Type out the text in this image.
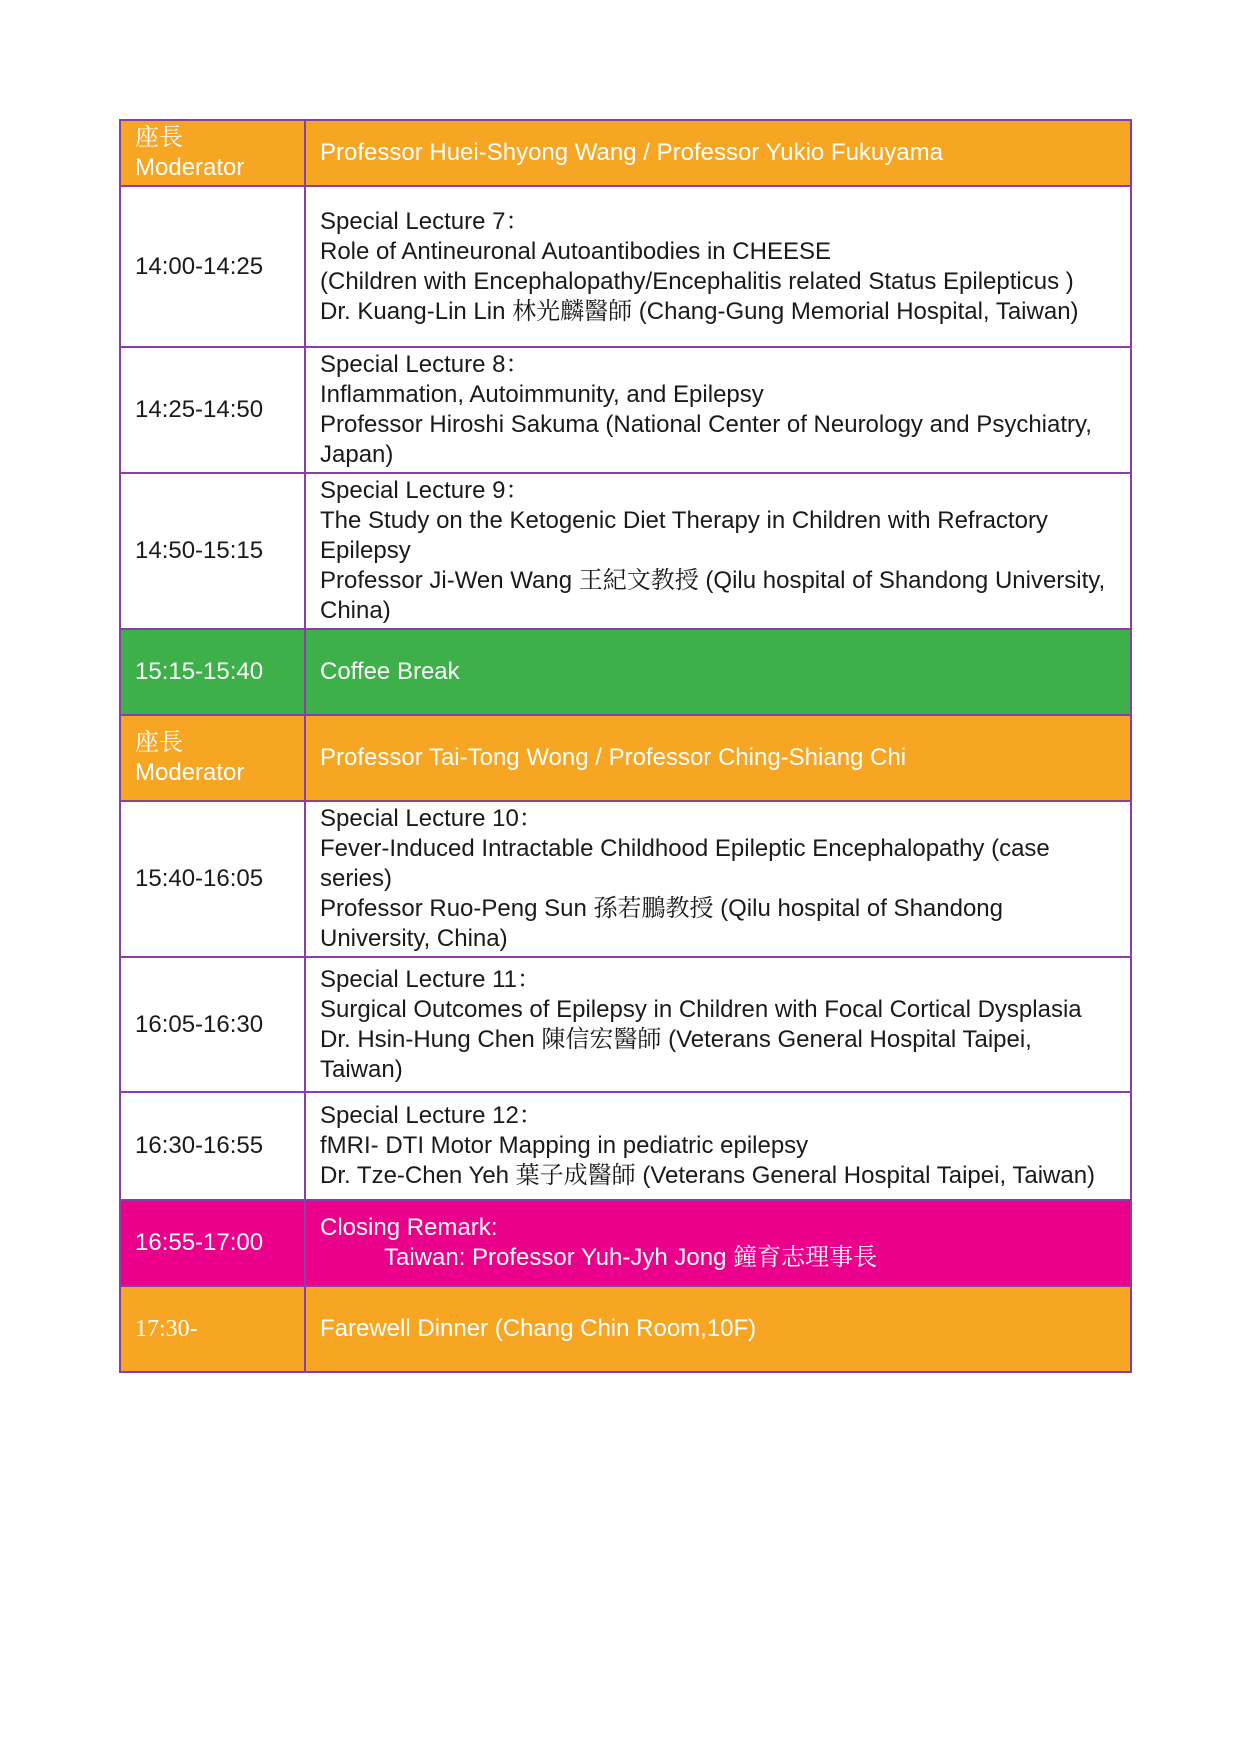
座長
Moderator	Professor Huei-Shyong Wang / Professor Yukio Fukuyama
14:00-14:25	Special Lecture 7：
Role of Antineuronal Autoantibodies in CHEESE
(Children with Encephalopathy/Encephalitis related Status Epilepticus )
Dr. Kuang-Lin Lin 林光麟醫師 (Chang-Gung Memorial Hospital, Taiwan)

14:25-14:50	Special Lecture 8：
Inflammation, Autoimmunity, and Epilepsy
Professor Hiroshi Sakuma (National Center of Neurology and Psychiatry, Japan)

14:50-15:15	Special Lecture 9：
The Study on the Ketogenic Diet Therapy in Children with Refractory Epilepsy
Professor Ji-Wen Wang 王紀文教授 (Qilu hospital of Shandong University, China)

15:15-15:40	Coffee Break

座長
Moderator	Professor Tai-Tong Wong / Professor Ching-Shiang Chi
15:40-16:05	Special Lecture 10：
Fever-Induced Intractable Childhood Epileptic Encephalopathy (case series)
Professor Ruo-Peng Sun 孫若鵬教授 (Qilu hospital of Shandong University, China)

16:05-16:30	Special Lecture 11：
Surgical Outcomes of Epilepsy in Children with Focal Cortical Dysplasia
Dr. Hsin-Hung Chen 陳信宏醫師 (Veterans General Hospital Taipei, Taiwan)

16:30-16:55	Special Lecture 12：
fMRI- DTI Motor Mapping in pediatric epilepsy
Dr. Tze-Chen Yeh 葉子成醫師 (Veterans General Hospital Taipei, Taiwan)

16:55-17:00	Closing Remark:
Taiwan: Professor Yuh-Jyh Jong 鐘育志理事長

17:30-	Farewell Dinner (Chang Chin Room,10F)
